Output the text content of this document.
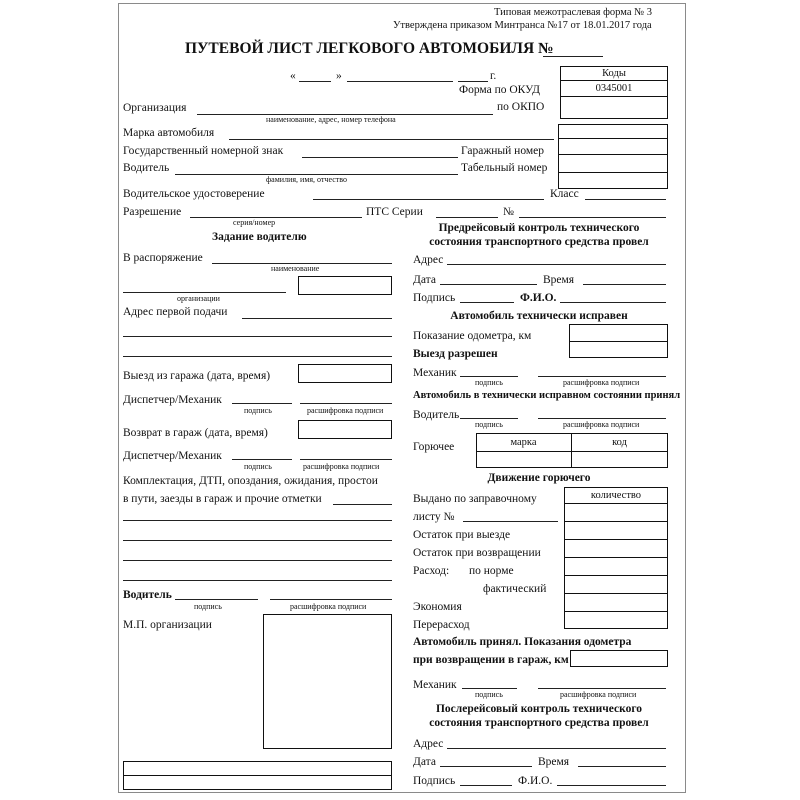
Типовая межотраслевая форма № 3
Утверждена приказом Минтранса №17 от 18.01.2017 года
ПУТЕВОЙ ЛИСТ ЛЕГКОВОГО АВТОМОБИЛЯ №
«	»	г.	Коды
0345001
Форма по ОКУД
по ОКПО
Организация
наименование, адрес, номер телефона
Марка автомобиля
Государственный номерной знак	Гаражный номер
Водитель
фамилия, имя, отчество
Табельный номер
Водительское удостоверение	Класс
Разрешение
серия/номер
ПТС Серии	№
Задание водителю
В распоряжение
наименование
организации
Адрес первой подачи
Выезд из гаража (дата, время)
Диспетчер/Механик
подпись	расшифровка подписи
Возврат в гараж (дата, время)
Диспетчер/Механик
подпись	расшифровка подписи
Комплектация, ДТП, опоздания, ожидания, простои
в пути, заезды в гараж и прочие отметки
Водитель
подпись	расшифровка подписи
М.П. организации
Предрейсовый контроль технического
состояния транспортного средства провел
Адрес
Дата	Время
Подпись	Ф.И.О.
Автомобиль технически исправен
Показание одометра, км
Выезд разрешен
Механик
подпись	расшифровка подписи
Автомобиль в технически исправном состоянии принял
Водитель
подпись	расшифровка подписи
Горючее	марка	код
Движение горючего
количество
Выдано по заправочному
листу №
Остаток при выезде
Остаток при возвращении
Расход: по норме
фактический
Экономия
Перерасход
Автомобиль принял. Показания одометра
при возвращении в гараж, км
Механик
подпись	расшифровка подписи
Послерейсовый контроль технического
состояния транспортного средства провел
Адрес
Дата	Время
Подпись	Ф.И.О.
